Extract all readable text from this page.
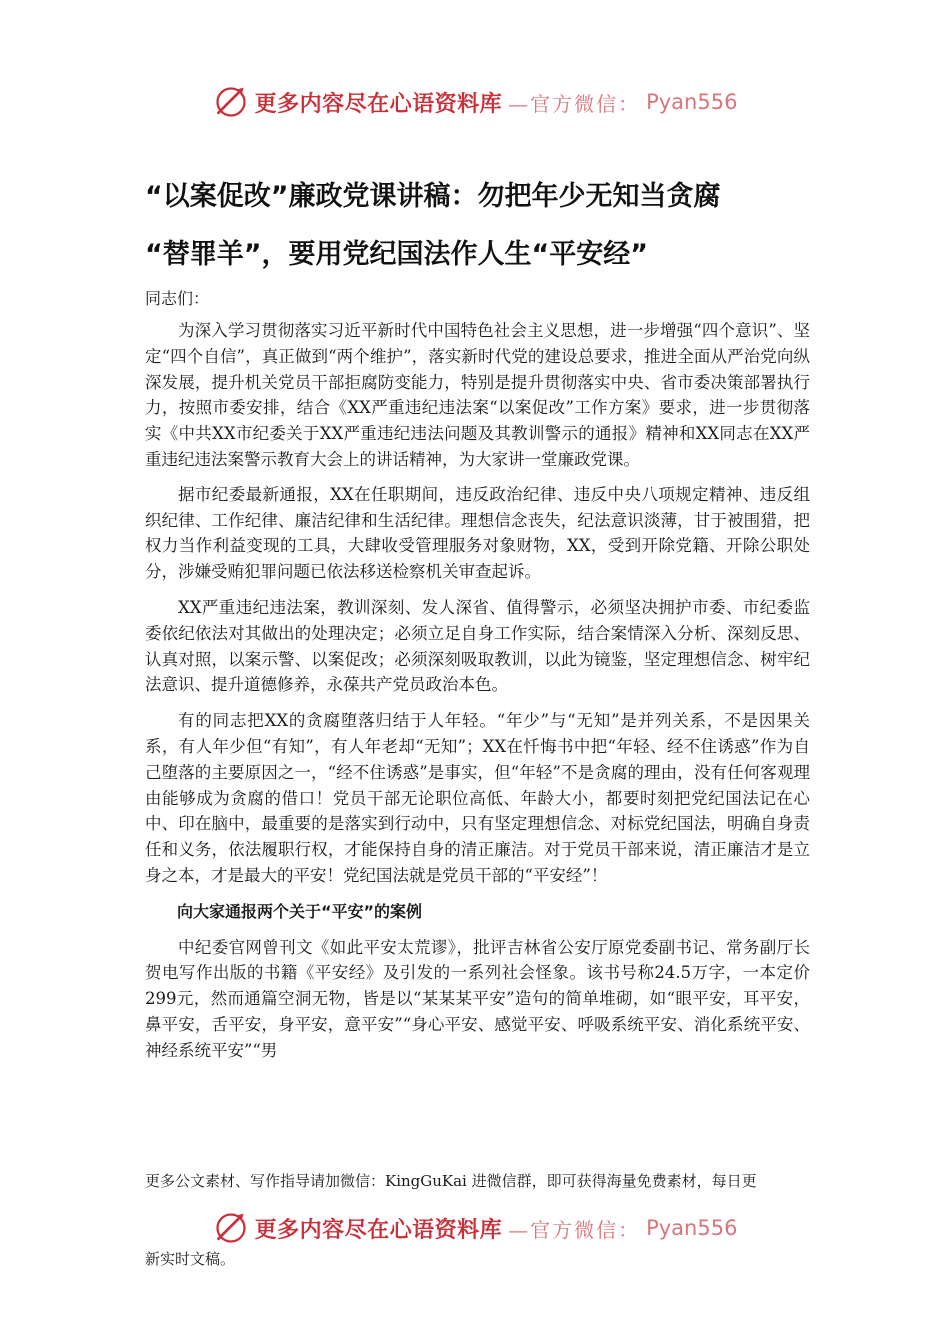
更多内容尽在心语资料库 —官方微信： Pyan556
“以案促改”廉政党课讲稿：勿把年少无知当贪腐
“替罪羊”，要用党纪国法作人生“平安经”
同志们：

为深入学习贯彻落实习近平新时代中国特色社会主义思想，进一步增强“四个意识”、坚定“四个自信”，真正做到“两个维护”，落实新时代党的建设总要求，推进全面从严治党向纵深发展，提升机关党员干部拒腐防变能力，特别是提升贯彻落实中央、省市委决策部署执行力，按照市委安排，结合《XX严重违纪违法案“以案促改”工作方案》要求，进一步贯彻落实《中共XX市纪委关于XX严重违纪违法问题及其教训警示的通报》精神和XX同志在XX严重违纪违法案警示教育大会上的讲话精神，为大家讲一堂廉政党课。

据市纪委最新通报，XX在任职期间，违反政治纪律、违反中央八项规定精神、违反组织纪律、工作纪律、廉洁纪律和生活纪律。理想信念丧失，纪法意识淡薄，甘于被围猎，把权力当作利益变现的工具，大肆收受管理服务对象财物，XX，受到开除党籍、开除公职处分，涉嫌受贿犯罪问题已依法移送检察机关审查起诉。

XX严重违纪违法案，教训深刻、发人深省、值得警示，必须坚决拥护市委、市纪委监委依纪依法对其做出的处理决定；必须立足自身工作实际，结合案情深入分析、深刻反思、认真对照，以案示警、以案促改；必须深刻吸取教训，以此为镜鉴，坚定理想信念、树牢纪法意识、提升道德修养，永葆共产党员政治本色。

有的同志把XX的贪腐堕落归结于人年轻。“年少”与“无知”是并列关系，不是因果关系，有人年少但“有知”，有人年老却“无知”；XX在忏悔书中把“年轻、经不住诱惑”作为自己堕落的主要原因之一，“经不住诱惑”是事实，但“年轻”不是贪腐的理由，没有任何客观理由能够成为贪腐的借口！党员干部无论职位高低、年龄大小，都要时刻把党纪国法记在心中、印在脑中，最重要的是落实到行动中，只有坚定理想信念、对标党纪国法，明确自身责任和义务，依法履职行权，才能保持自身的清正廉洁。对于党员干部来说，清正廉洁才是立身之本，才是最大的平安！党纪国法就是党员干部的“平安经”！

向大家通报两个关于“平安”的案例

中纪委官网曾刊文《如此平安太荒谬》，批评吉林省公安厅原党委副书记、常务副厅长贺电写作出版的书籍《平安经》及引发的一系列社会怪象。该书号称24.5万字，一本定价299元，然而通篇空洞无物，皆是以“某某某平安”造句的简单堆砌，如“眼平安，耳平安，鼻平安，舌平安，身平安，意平安”“身心平安、感觉平安、呼吸系统平安、消化系统平安、神经系统平安”“男

更多公文素材、写作指导请加微信：KingGuKai 进微信群，即可获得海量免费素材，每日更
更多内容尽在心语资料库 —官方微信： Pyan556
新实时文稿。
